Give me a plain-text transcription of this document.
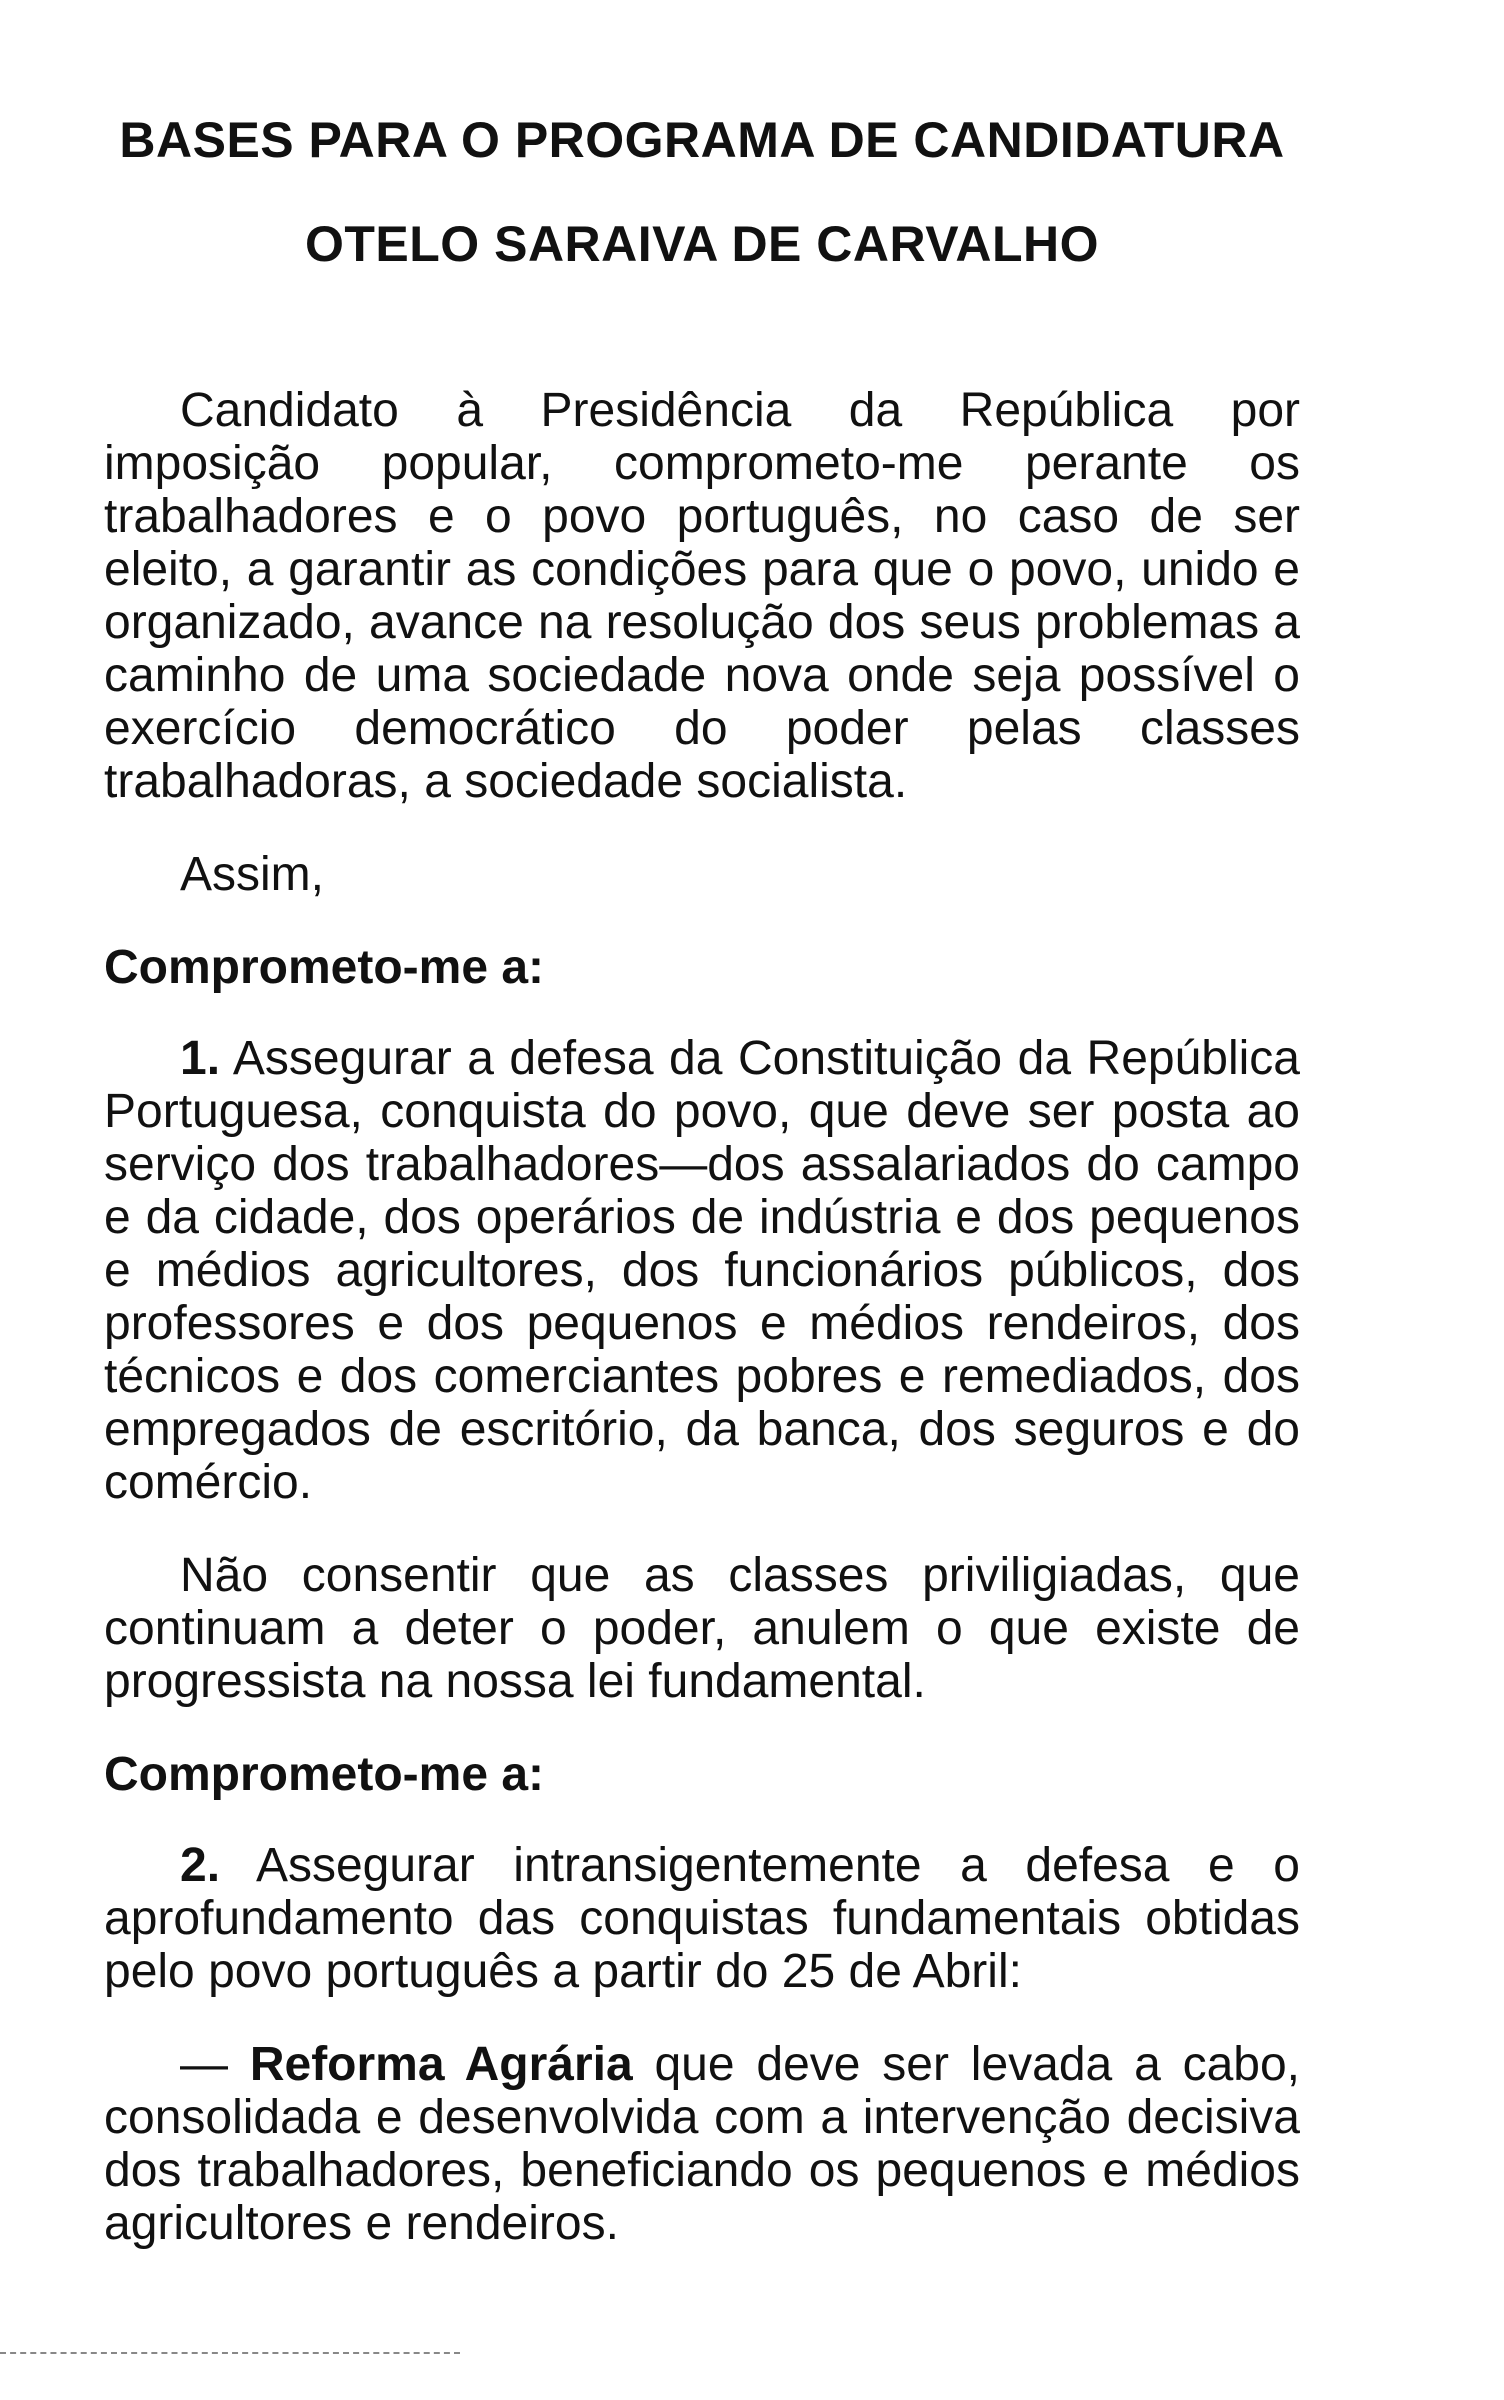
BASES PARA O PROGRAMA DE CANDIDATURA
OTELO SARAIVA DE CARVALHO

Candidato à Presidência da República por imposição popular, comprometo-me perante os trabalhadores e o povo português, no caso de ser eleito, a garantir as condições para que o povo, unido e organizado, avance na resolução dos seus problemas a caminho de uma sociedade nova onde seja possível o exercício democrático do poder pelas classes trabalhadoras, a sociedade socialista.

Assim,

Comprometo-me a:

1. Assegurar a defesa da Constituição da República Portuguesa, conquista do povo, que deve ser posta ao serviço dos trabalhadores—dos assalariados do campo e da cidade, dos operários de indústria e dos pequenos e médios agricultores, dos funcionários públicos, dos professores e dos pequenos e médios rendeiros, dos técnicos e dos comerciantes pobres e remediados, dos empregados de escritório, da banca, dos seguros e do comércio.

Não consentir que as classes priviligiadas, que continuam a deter o poder, anulem o que existe de progressista na nossa lei fundamental.

Comprometo-me a:

2. Assegurar intransigentemente a defesa e o aprofundamento das conquistas fundamentais obtidas pelo povo português a partir do 25 de Abril:

— Reforma Agrária que deve ser levada a cabo, consolidada e desenvolvida com a intervenção decisiva dos trabalhadores, beneficiando os pequenos e médios agricultores e rendeiros.
